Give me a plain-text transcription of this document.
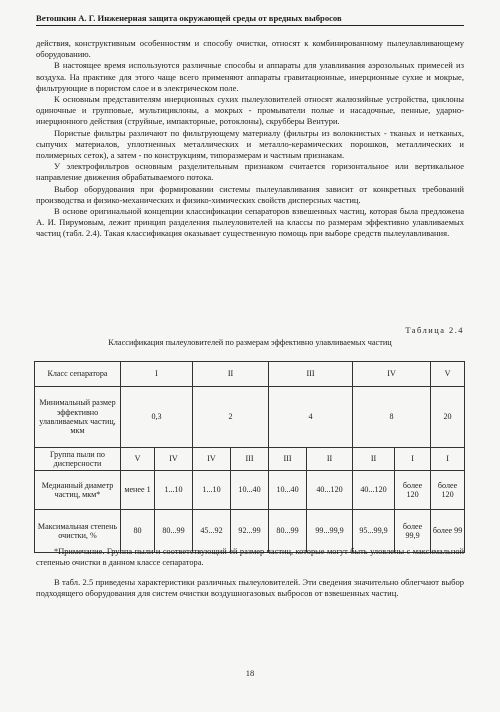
Ветошкин А. Г. Инженерная защита окружающей среды от вредных выбросов

действия, конструктивным особенностям и способу очистки, относят к комбинированному пылеулавливающему оборудованию.

В настоящее время используются различные способы и аппараты для улавливания аэрозольных примесей из воздуха. На практике для этого чаще всего применяют аппараты гравитационные, инерционные сухие и мокрые, фильтрующие в пористом слое и в электрическом поле.

К основным представителям инерционных сухих пылеуловителей относят жалюзийные устройства, циклоны одиночные и групповые, мультициклоны, а мокрых - промыватели полые и насадочные, пенные, ударно-инерционного действия (струйные, импакторные, ротоклоны), скрубберы Вентури.

Пористые фильтры различают по фильтрующему материалу (фильтры из волокнистых - тканых и нетканых, сыпучих материалов, уплотненных металлических и металло-керамических порошков, металлических и полимерных сеток), а затем - по конструкциям, типоразмерам и частным признакам.

У электрофильтров основным разделительным признаком считается горизонтальное или вертикальное направление движения обрабатываемого потока.

Выбор оборудования при формировании системы пылеулавливания зависит от конкретных требований производства и физико-механических и физико-химических свойств дисперсных частиц.

В основе оригинальной концепции классификации сепараторов взвешенных частиц, которая была предложена А. И. Пирумовым, лежит принцип разделения пылеуловителей на классы по размерам эффективно улавливаемых частиц (табл. 2.4). Такая классификация оказывает существенную помощь при выборе средств пылеулавливания.

Таблица 2.4
Классификация пылеуловителей по размерам эффективно улавливаемых частиц
Класс сепаратора	I		II		III		IV		V
Минимальный размер эффективно улавливаемых частиц, мкм	0,3		2		4		8		20
Группа пыли по дисперсности	V	IV	IV	III	III	II	II	I	I
Медианный диаметр частиц, мкм*	менее 1	1...10	1...10	10...40	10...40	40...120	40...120	более 120	более 120
Максимальная степень очистки, %	80	80...99	45...92	92...99	80...99	99...99,9	95...99,9	более 99,9	более 99

*Примечание. Группа пыли и соответствующий ей размер частиц, которые могут быть уловлены с максимальной степенью очистки в данном классе сепаратора.

В табл. 2.5 приведены характеристики различных пылеуловителей. Эти сведения значительно облегчают выбор подходящего оборудования для систем очистки воздушногазовых выбросов от взвешенных частиц.

18
